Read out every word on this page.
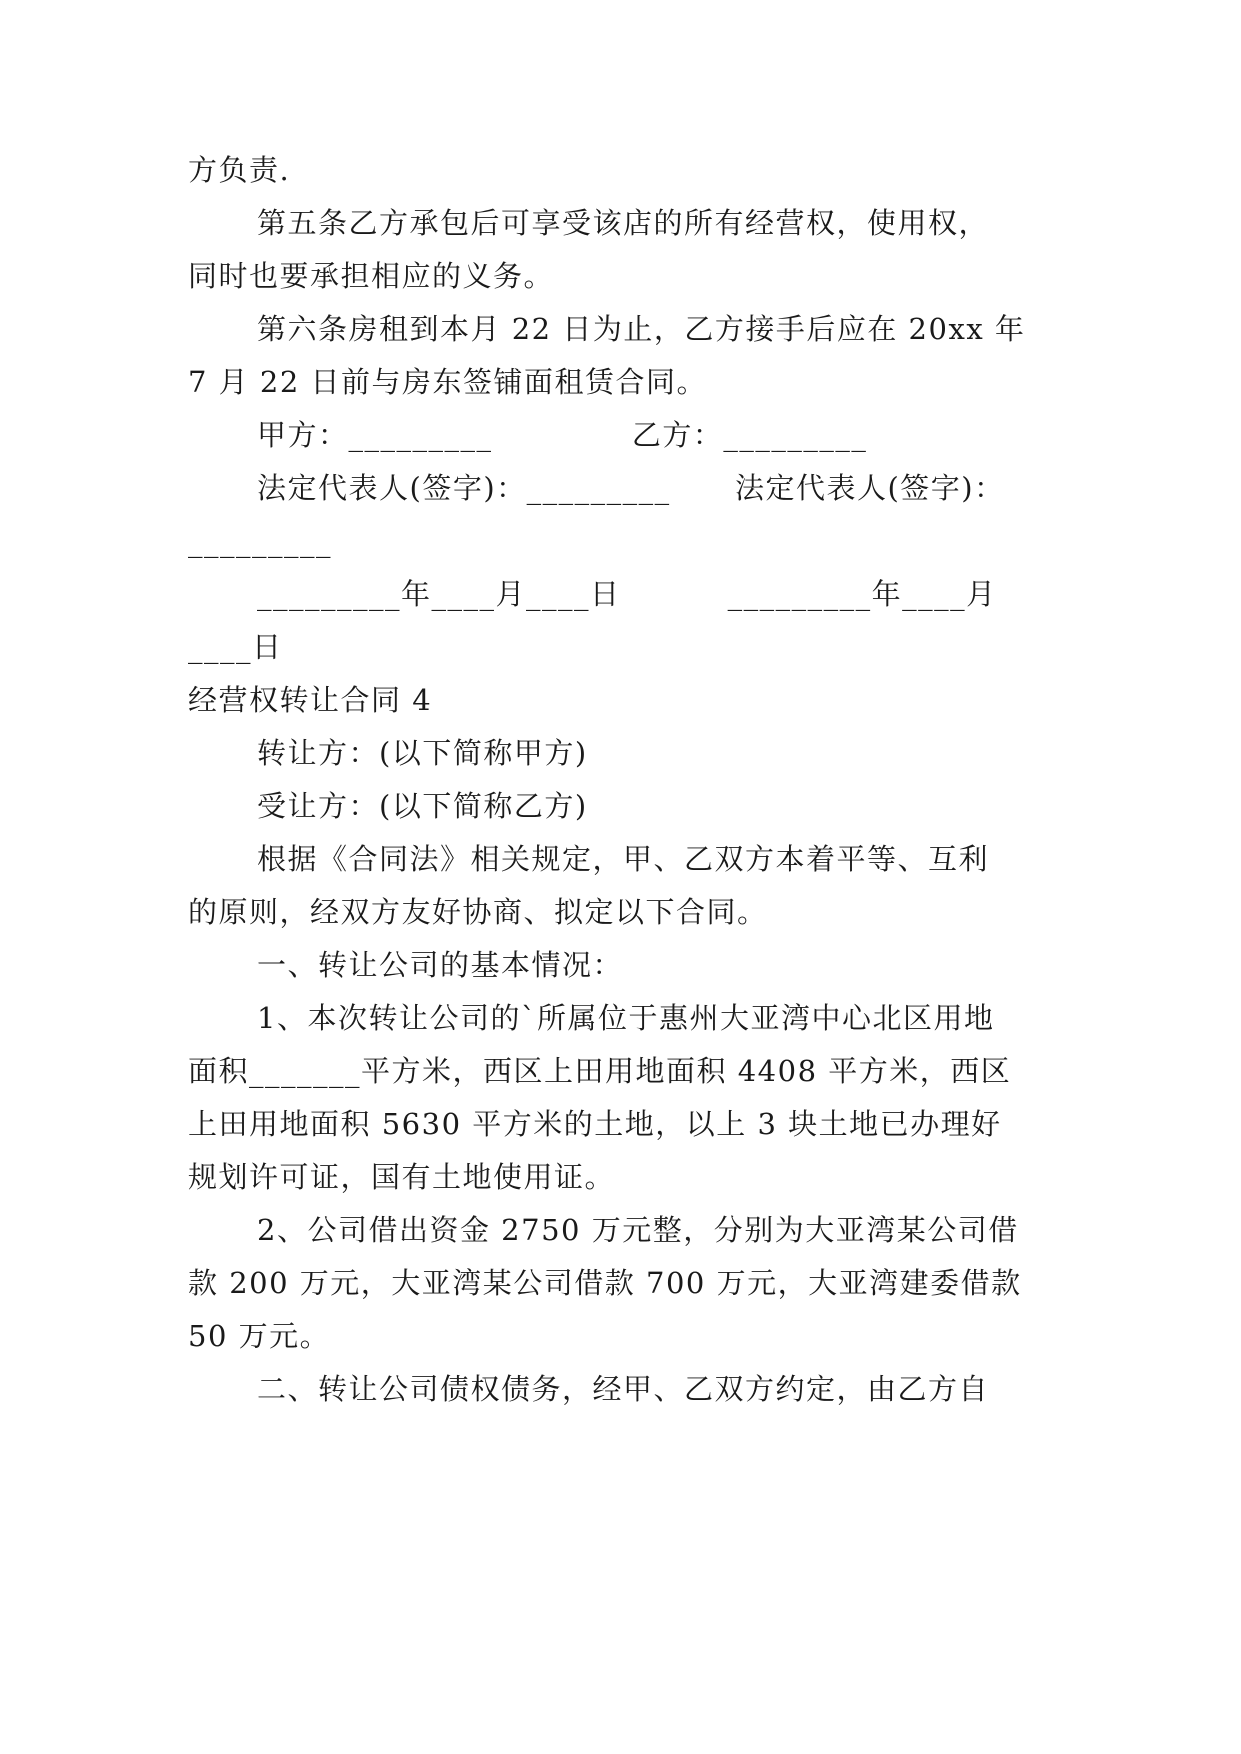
方负责.
第五条乙方承包后可享受该店的所有经营权，使用权，
同时也要承担相应的义务。
第六条房租到本月 22 日为止，乙方接手后应在 20xx 年
7 月 22 日前与房东签铺面租赁合同。
甲方：_________             乙方：_________
法定代表人(签字)：_________      法定代表人(签字)：
_________
_________年____月____日          _________年____月
____日
经营权转让合同 4
转让方：(以下简称甲方)
受让方：(以下简称乙方)
根据《合同法》相关规定，甲、乙双方本着平等、互利
的原则，经双方友好协商、拟定以下合同。
一、转让公司的基本情况：
1、本次转让公司的`所属位于惠州大亚湾中心北区用地
面积_______平方米，西区上田用地面积 4408 平方米，西区
上田用地面积 5630 平方米的土地，以上 3 块土地已办理好
规划许可证，国有土地使用证。
2、公司借出资金 2750 万元整，分别为大亚湾某公司借
款 200 万元，大亚湾某公司借款 700 万元，大亚湾建委借款
50 万元。
二、转让公司债权债务，经甲、乙双方约定，由乙方自
